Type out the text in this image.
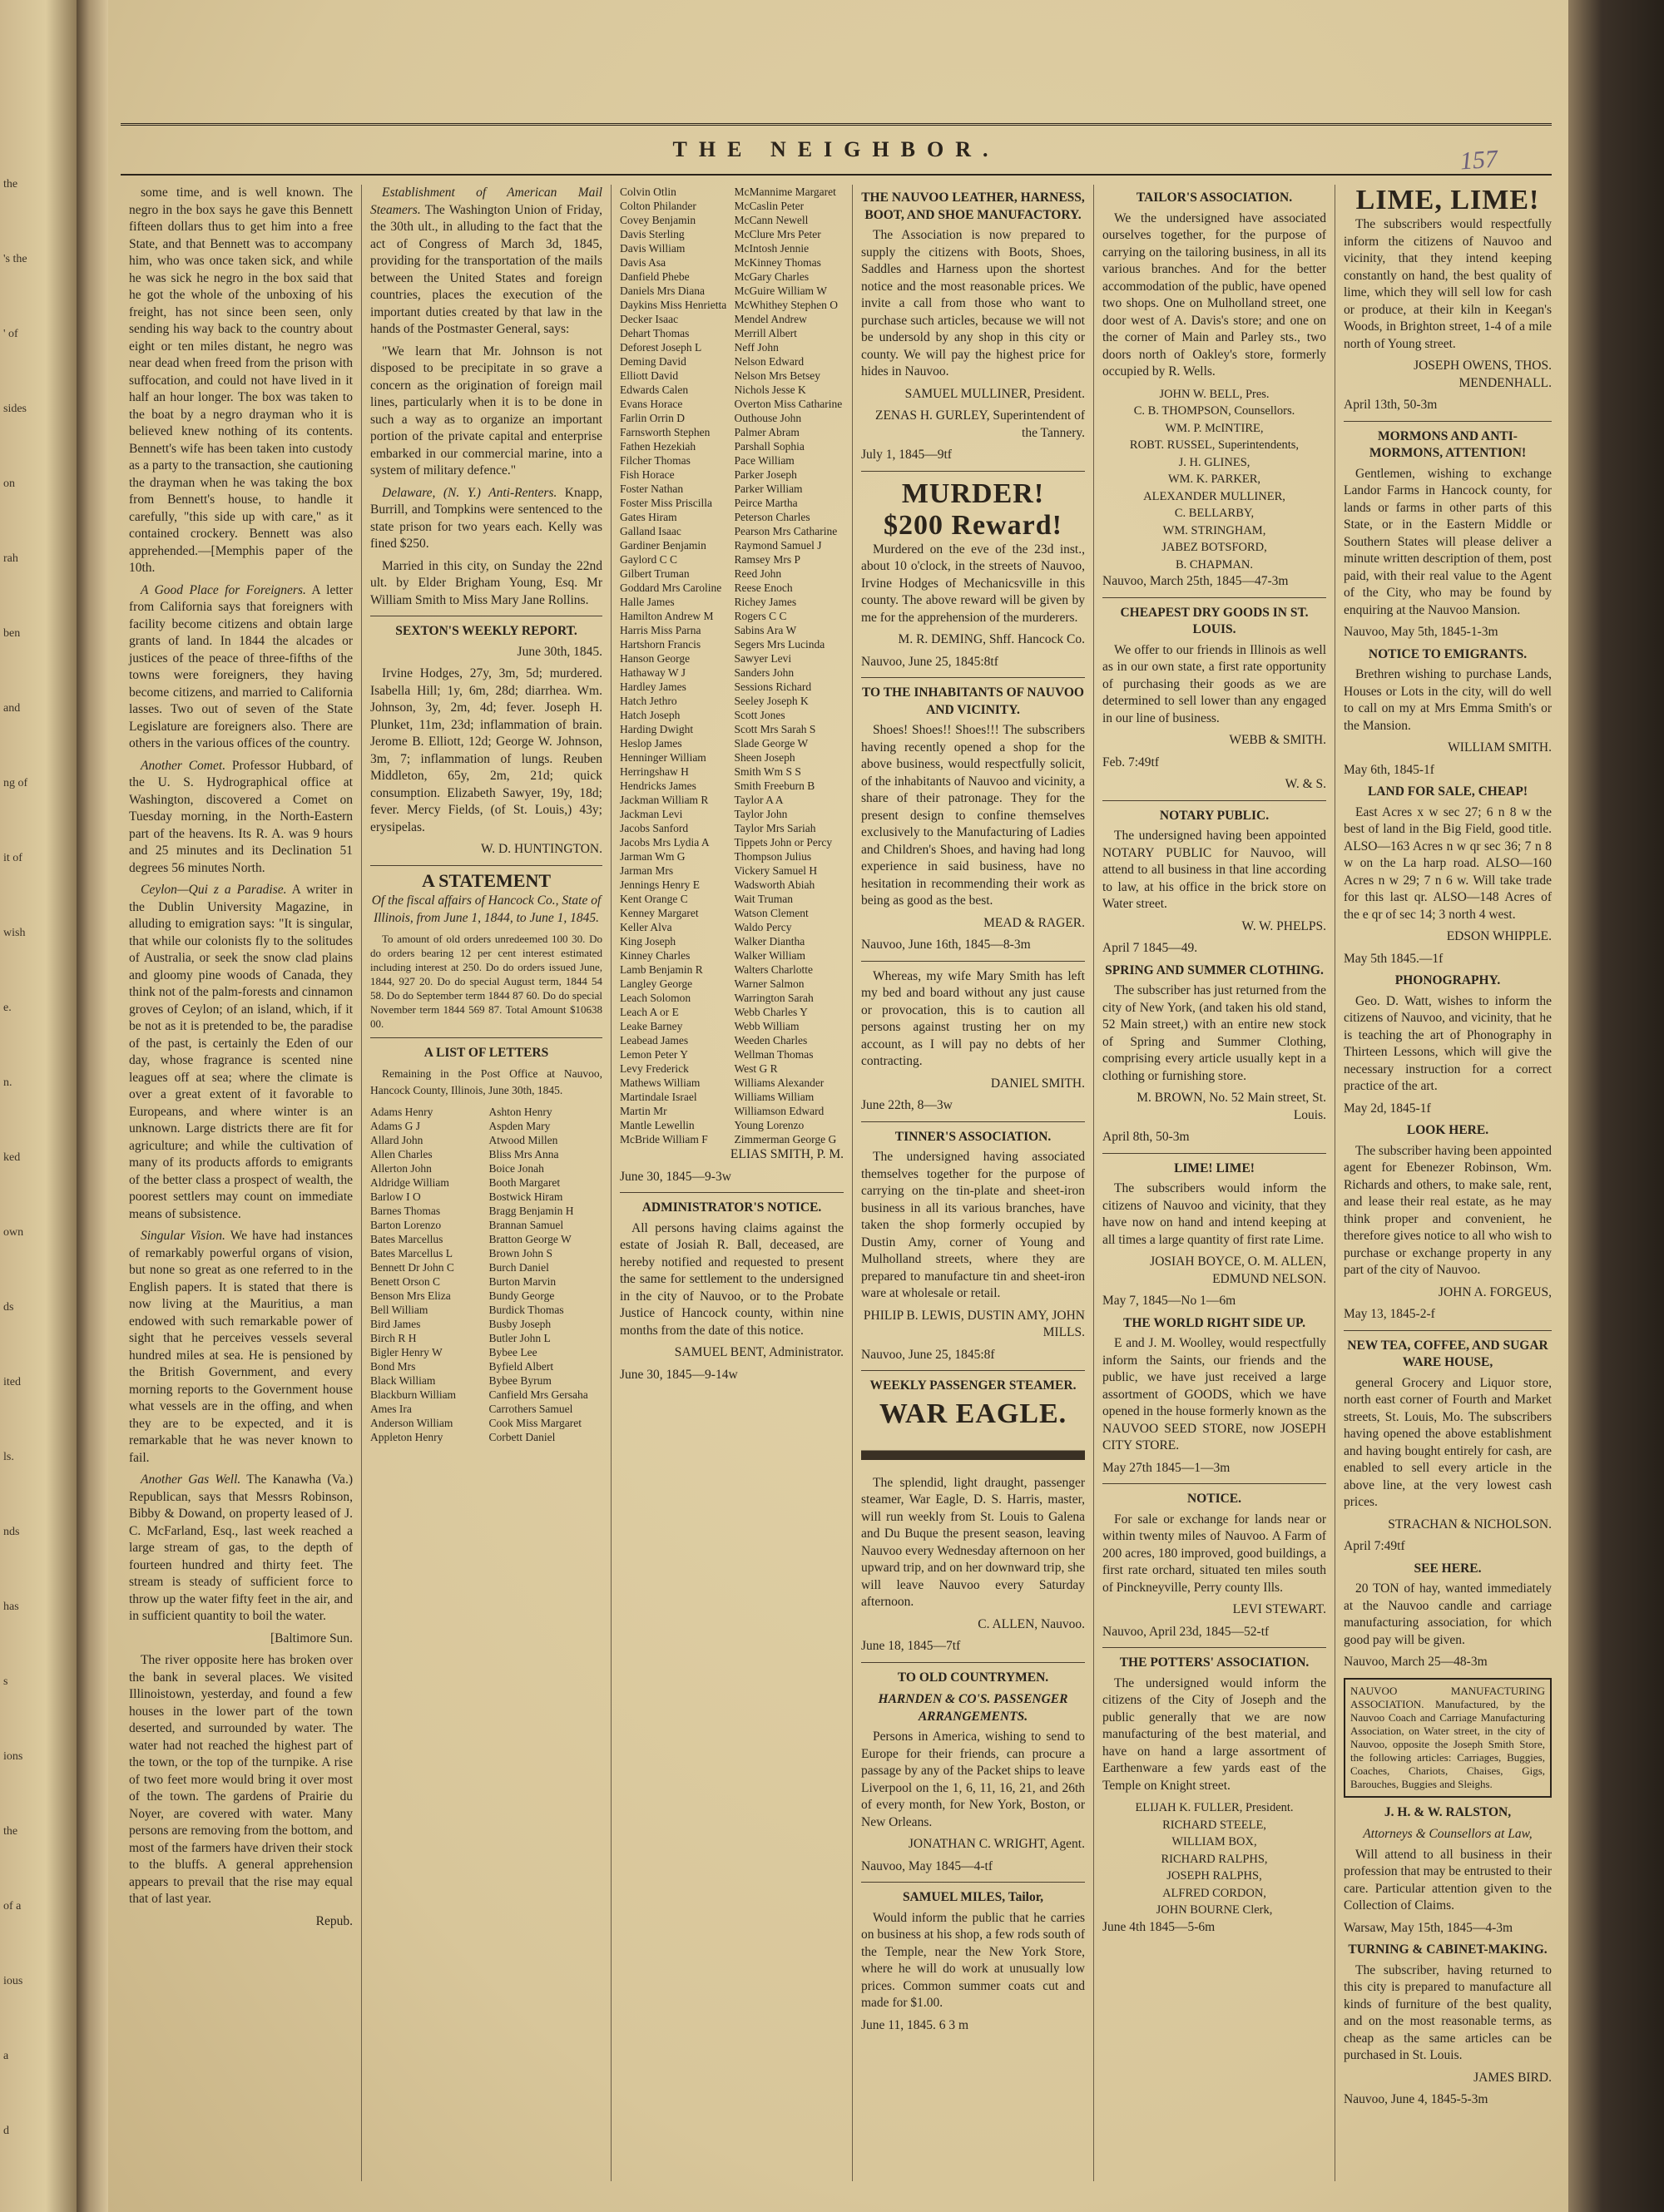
the
's the
' of
sides
on
rah
ben
and
ng of
it of
wish
e.
n.
ked
own
ds
ited
ls.
nds
has
s
ions
the
of a
ious
a
d
157
THE NEIGHBOR.

some time, and is well known. The negro in the box says he gave this Bennett fifteen dollars thus to get him into a free State, and that Bennett was to accompany him, who was once taken sick, and while he was sick he negro in the box said that he got the whole of the unboxing of his freight, has not since been seen, only sending his way back to the country about eight or ten miles distant, he negro was near dead when freed from the prison with suffocation, and could not have lived in it half an hour longer. The box was taken to the boat by a negro drayman who it is believed knew nothing of its contents. Bennett's wife has been taken into custody as a party to the transaction, she cautioning the drayman when he was taking the box from Bennett's house, to handle it carefully, "this side up with care," as it contained crockery. Bennett was also apprehended.—[Memphis paper of the 10th.

A Good Place for Foreigners. A letter from California says that foreigners with facility become citizens and obtain large grants of land. In 1844 the alcades or justices of the peace of three-fifths of the towns were foreigners, they having become citizens, and married to California lasses. Two out of seven of the State Legislature are foreigners also. There are others in the various offices of the country.

Another Comet. Professor Hubbard, of the U. S. Hydrographical office at Washington, discovered a Comet on Tuesday morning, in the North-Eastern part of the heavens. Its R. A. was 9 hours and 25 minutes and its Declination 51 degrees 56 minutes North.

Ceylon—Qui z a Paradise. A writer in the Dublin University Magazine, in alluding to emigration says: "It is singular, that while our colonists fly to the solitudes of Australia, or seek the snow clad plains and gloomy pine woods of Canada, they think not of the palm-forests and cinnamon groves of Ceylon; of an island, which, if it be not as it is pretended to be, the paradise of the past, is certainly the Eden of our day, whose fragrance is scented nine leagues off at sea; where the climate is over a great extent of it favorable to Europeans, and where winter is an unknown. Large districts there are fit for agriculture; and while the cultivation of many of its products affords to emigrants of the better class a prospect of wealth, the poorest settlers may count on immediate means of subsistence.

Singular Vision. We have had instances of remarkably powerful organs of vision, but none so great as one referred to in the English papers. It is stated that there is now living at the Mauritius, a man endowed with such remarkable power of sight that he perceives vessels several hundred miles at sea. He is pensioned by the British Government, and every morning reports to the Government house what vessels are in the offing, and when they are to be expected, and it is remarkable that he was never known to fail.

Another Gas Well. The Kanawha (Va.) Republican, says that Messrs Robinson, Bibby & Dowand, on property leased of J. C. McFarland, Esq., last week reached a large stream of gas, to the depth of fourteen hundred and thirty feet. The stream is steady of sufficient force to throw up the water fifty feet in the air, and in sufficient quantity to boil the water.

[Baltimore Sun.

The river opposite here has broken over the bank in several places. We visited Illinoistown, yesterday, and found a few houses in the lower part of the town deserted, and surrounded by water. The water had not reached the highest part of the town, or the top of the turnpike. A rise of two feet more would bring it over most of the town. The gardens of Prairie du Noyer, are covered with water. Many persons are removing from the bottom, and most of the farmers have driven their stock to the bluffs. A general apprehension appears to prevail that the rise may equal that of last year.

Repub.

Establishment of American Mail Steamers. The Washington Union of Friday, the 30th ult., in alluding to the fact that the act of Congress of March 3d, 1845, providing for the transportation of the mails between the United States and foreign countries, places the execution of the important duties created by that law in the hands of the Postmaster General, says:

"We learn that Mr. Johnson is not disposed to be precipitate in so grave a concern as the origination of foreign mail lines, particularly when it is to be done in such a way as to organize an important portion of the private capital and enterprise embarked in our commercial marine, into a system of military defence."

Delaware, (N. Y.) Anti-Renters. Knapp, Burrill, and Tompkins were sentenced to the state prison for two years each. Kelly was fined $250.

Married in this city, on Sunday the 22nd ult. by Elder Brigham Young, Esq. Mr William Smith to Miss Mary Jane Rollins.

SEXTON'S WEEKLY REPORT.

June 30th, 1845.

Irvine Hodges, 27y, 3m, 5d; murdered. Isabella Hill; 1y, 6m, 28d; diarrhea. Wm. Johnson, 3y, 2m, 4d; fever. Joseph H. Plunket, 11m, 23d; inflammation of brain. Jerome B. Elliott, 12d; George W. Johnson, 3m, 7; inflammation of lungs. Reuben Middleton, 65y, 2m, 21d; quick consumption. Elizabeth Sawyer, 19y, 18d; fever. Mercy Fields, (of St. Louis,) 43y; erysipelas.

W. D. HUNTINGTON.

A STATEMENT

Of the fiscal affairs of Hancock Co., State of Illinois, from June 1, 1844, to June 1, 1845.

To amount of old orders unredeemed 100 30. Do do orders bearing 12 per cent interest estimated including interest at 250. Do do orders issued June, 1844, 927 20. Do do special August term, 1844 54 58. Do do September term 1844 87 60. Do do special November term 1844 569 87. Total Amount $10638 00.

A LIST OF LETTERS

Remaining in the Post Office at Nauvoo, Hancock County, Illinois, June 30th, 1845.

Adams Henry
Adams G J
Allard John
Allen Charles
Allerton John
Aldridge William
Barlow I O
Barnes Thomas
Barton Lorenzo
Bates Marcellus
Bates Marcellus L
Bennett Dr John C
Benett Orson C
Benson Mrs Eliza
Bell William
Bird James
Birch R H
Bigler Henry W
Bond Mrs
Black William
Blackburn William
Ames Ira
Anderson William
Appleton Henry
Ashton Henry
Aspden Mary
Atwood Millen
Bliss Mrs Anna
Boice Jonah
Booth Margaret
Bostwick Hiram
Bragg Benjamin H
Brannan Samuel
Bratton George W
Brown John S
Burch Daniel
Burton Marvin
Bundy George
Burdick Thomas
Busby Joseph
Butler John L
Bybee Lee
Byfield Albert
Bybee Byrum
Canfield Mrs Gersaha
Carrothers Samuel
Cook Miss Margaret
Corbett Daniel
Colvin Otlin
Colton Philander
Covey Benjamin
Davis Sterling
Davis William
Davis Asa
Danfield Phebe
Daniels Mrs Diana
Daykins Miss Henrietta
Decker Isaac
Dehart Thomas
Deforest Joseph L
Deming David
Elliott David
Edwards Calen
Evans Horace
Farlin Orrin D
Farnsworth Stephen
Fathen Hezekiah
Filcher Thomas
Fish Horace
Foster Nathan
Foster Miss Priscilla
Gates Hiram
Galland Isaac
Gardiner Benjamin
Gaylord C C
Gilbert Truman
Goddard Mrs Caroline
Halle James
Hamilton Andrew M
Harris Miss Parna
Hartshorn Francis
Hanson George
Hathaway W J
Hardley James
Hatch Jethro
Hatch Joseph
Harding Dwight
Heslop James
Henninger William
Herringshaw H
Hendricks James
Jackman William R
Jackman Levi
Jacobs Sanford
Jacobs Mrs Lydia A
Jarman Wm G
Jarman Mrs
Jennings Henry E
Kent Orange C
Kenney Margaret
Keller Alva
King Joseph
Kinney Charles
Lamb Benjamin R
Langley George
Leach Solomon
Leach A or E
Leake Barney
Leabead James
Lemon Peter Y
Levy Frederick
Mathews William
Martindale Israel
Martin Mr
Mantle Lewellin
McBride William F
McMannime Margaret
McCaslin Peter
McCann Newell
McClure Mrs Peter
McIntosh Jennie
McKinney Thomas
McGary Charles
McGuire William W
McWhithey Stephen O
Mendel Andrew
Merrill Albert
Neff John
Nelson Edward
Nelson Mrs Betsey
Nichols Jesse K
Overton Miss Catharine
Outhouse John
Palmer Abram
Parshall Sophia
Pace William
Parker Joseph
Parker William
Peirce Martha
Peterson Charles
Pearson Mrs Catharine
Raymond Samuel J
Ramsey Mrs P
Reed John
Reese Enoch
Richey James
Rogers C C
Sabins Ara W
Segers Mrs Lucinda
Sawyer Levi
Sanders John
Sessions Richard
Seeley Joseph K
Scott Jones
Scott Mrs Sarah S
Slade George W
Sheen Joseph
Smith Wm S S
Smith Freeburn B
Taylor A A
Taylor John
Taylor Mrs Sariah
Tippets John or Percy
Thompson Julius
Vickery Samuel H
Wadsworth Abiah
Wait Truman
Watson Clement
Waldo Percy
Walker Diantha
Walker William
Walters Charlotte
Warner Salmon
Warrington Sarah
Webb Charles Y
Webb William
Weeden Charles
Wellman Thomas
West G R
Williams Alexander
Williams William
Williamson Edward
Young Lorenzo
Zimmerman George G

ELIAS SMITH, P. M.

June 30, 1845—9-3w

ADMINISTRATOR'S NOTICE.

All persons having claims against the estate of Josiah R. Ball, deceased, are hereby notified and requested to present the same for settlement to the undersigned in the city of Nauvoo, or to the Probate Justice of Hancock county, within nine months from the date of this notice.

SAMUEL BENT, Administrator.

June 30, 1845—9-14w

THE NAUVOO LEATHER, HARNESS, BOOT, AND SHOE MANUFACTORY.

The Association is now prepared to supply the citizens with Boots, Shoes, Saddles and Harness upon the shortest notice and the most reasonable prices. We invite a call from those who want to purchase such articles, because we will not be undersold by any shop in this city or county. We will pay the highest price for hides in Nauvoo.

SAMUEL MULLINER, President.

ZENAS H. GURLEY, Superintendent of the Tannery.

July 1, 1845—9tf

MURDER!
$200 Reward!

Murdered on the eve of the 23d inst., about 10 o'clock, in the streets of Nauvoo, Irvine Hodges of Mechanicsville in this county. The above reward will be given by me for the apprehension of the murderers.

M. R. DEMING, Shff. Hancock Co.

Nauvoo, June 25, 1845:8tf

TO THE INHABITANTS OF NAUVOO AND VICINITY.

Shoes! Shoes!! Shoes!!! The subscribers having recently opened a shop for the above business, would respectfully solicit, of the inhabitants of Nauvoo and vicinity, a share of their patronage. They for the present design to confine themselves exclusively to the Manufacturing of Ladies and Children's Shoes, and having had long experience in said business, have no hesitation in recommending their work as being as good as the best.

MEAD & RAGER.

Nauvoo, June 16th, 1845—8-3m

Whereas, my wife Mary Smith has left my bed and board without any just cause or provocation, this is to caution all persons against trusting her on my account, as I will pay no debts of her contracting.

DANIEL SMITH.

June 22th, 8—3w

TINNER'S ASSOCIATION.

The undersigned having associated themselves together for the purpose of carrying on the tin-plate and sheet-iron business in all its various branches, have taken the shop formerly occupied by Dustin Amy, corner of Young and Mulholland streets, where they are prepared to manufacture tin and sheet-iron ware at wholesale or retail.

PHILIP B. LEWIS, DUSTIN AMY, JOHN MILLS.

Nauvoo, June 25, 1845:8f

WEEKLY PASSENGER STEAMER.
WAR EAGLE.

The splendid, light draught, passenger steamer, War Eagle, D. S. Harris, master, will run weekly from St. Louis to Galena and Du Buque the present season, leaving Nauvoo every Wednesday afternoon on her upward trip, and on her downward trip, she will leave Nauvoo every Saturday afternoon.

C. ALLEN, Nauvoo.

June 18, 1845—7tf

TO OLD COUNTRYMEN.
HARNDEN & CO'S. PASSENGER ARRANGEMENTS.

Persons in America, wishing to send to Europe for their friends, can procure a passage by any of the Packet ships to leave Liverpool on the 1, 6, 11, 16, 21, and 26th of every month, for New York, Boston, or New Orleans.

JONATHAN C. WRIGHT, Agent.

Nauvoo, May 1845—4-tf

SAMUEL MILES, Tailor,

Would inform the public that he carries on business at his shop, a few rods south of the Temple, near the New York Store, where he will do work at unusually low prices. Common summer coats cut and made for $1.00.

June 11, 1845. 6 3 m

TAILOR'S ASSOCIATION.

We the undersigned have associated ourselves together, for the purpose of carrying on the tailoring business, in all its various branches. And for the better accommodation of the public, have opened two shops. One on Mulholland street, one door west of A. Davis's store; and one on the corner of Main and Parley sts., two doors north of Oakley's store, formerly occupied by R. Wells.

JOHN W. BELL, Pres.
C. B. THOMPSON, Counsellors.
WM. P. McINTIRE,
ROBT. RUSSEL, Superintendents,
J. H. GLINES,
WM. K. PARKER,
ALEXANDER MULLINER,
C. BELLARBY,
WM. STRINGHAM,
JABEZ BOTSFORD,
B. CHAPMAN.

Nauvoo, March 25th, 1845—47-3m

CHEAPEST DRY GOODS IN ST. LOUIS.

We offer to our friends in Illinois as well as in our own state, a first rate opportunity of purchasing their goods as we are determined to sell lower than any engaged in our line of business.

WEBB & SMITH.

Feb. 7:49tf

W. & S.

NOTARY PUBLIC.

The undersigned having been appointed NOTARY PUBLIC for Nauvoo, will attend to all business in that line according to law, at his office in the brick store on Water street.

W. W. PHELPS.

April 7 1845—49.

SPRING AND SUMMER CLOTHING.

The subscriber has just returned from the city of New York, (and taken his old stand, 52 Main street,) with an entire new stock of Spring and Summer Clothing, comprising every article usually kept in a clothing or furnishing store.

M. BROWN, No. 52 Main street, St. Louis.

April 8th, 50-3m

LIME! LIME!

The subscribers would inform the citizens of Nauvoo and vicinity, that they have now on hand and intend keeping at all times a large quantity of first rate Lime.

JOSIAH BOYCE, O. M. ALLEN, EDMUND NELSON.

May 7, 1845—No 1—6m

THE WORLD RIGHT SIDE UP.

E and J. M. Woolley, would respectfully inform the Saints, our friends and the public, we have just received a large assortment of GOODS, which we have opened in the house formerly known as the NAUVOO SEED STORE, now JOSEPH CITY STORE.

May 27th 1845—1—3m

NOTICE.

For sale or exchange for lands near or within twenty miles of Nauvoo. A Farm of 200 acres, 180 improved, good buildings, a first rate orchard, situated ten miles south of Pinckneyville, Perry county Ills.

LEVI STEWART.

Nauvoo, April 23d, 1845—52-tf

THE POTTERS' ASSOCIATION.

The undersigned would inform the citizens of the City of Joseph and the public generally that we are now manufacturing of the best material, and have on hand a large assortment of Earthenware a few yards east of the Temple on Knight street.

ELIJAH K. FULLER, President.
RICHARD STEELE,
WILLIAM BOX,
RICHARD RALPHS,
JOSEPH RALPHS,
ALFRED CORDON,
JOHN BOURNE Clerk,

June 4th 1845—5-6m

LIME, LIME!

The subscribers would respectfully inform the citizens of Nauvoo and vicinity, that they intend keeping constantly on hand, the best quality of lime, which they will sell low for cash or produce, at their kiln in Keegan's Woods, in Brighton street, 1-4 of a mile north of Young street.

JOSEPH OWENS, THOS. MENDENHALL.

April 13th, 50-3m

MORMONS AND ANTI-MORMONS, ATTENTION!

Gentlemen, wishing to exchange Landor Farms in Hancock county, for lands or farms in other parts of this State, or in the Eastern Middle or Southern States will please deliver a minute written description of them, post paid, with their real value to the Agent of the City, who may be found by enquiring at the Nauvoo Mansion.

Nauvoo, May 5th, 1845-1-3m

NOTICE TO EMIGRANTS.

Brethren wishing to purchase Lands, Houses or Lots in the city, will do well to call on my at Mrs Emma Smith's or the Mansion.

WILLIAM SMITH.

May 6th, 1845-1f

LAND FOR SALE, CHEAP!

East Acres x w sec 27; 6 n 8 w the best of land in the Big Field, good title. ALSO—163 Acres n w qr sec 36; 7 n 8 w on the La harp road. ALSO—160 Acres n w 29; 7 n 6 w. Will take trade for this last qr. ALSO—148 Acres of the e qr of sec 14; 3 north 4 west.

EDSON WHIPPLE.

May 5th 1845.—1f

PHONOGRAPHY.

Geo. D. Watt, wishes to inform the citizens of Nauvoo, and vicinity, that he is teaching the art of Phonography in Thirteen Lessons, which will give the necessary instruction for a correct practice of the art.

May 2d, 1845-1f

LOOK HERE.

The subscriber having been appointed agent for Ebenezer Robinson, Wm. Richards and others, to make sale, rent, and lease their real estate, as he may think proper and convenient, he therefore gives notice to all who wish to purchase or exchange property in any part of the city of Nauvoo.

JOHN A. FORGEUS,

May 13, 1845-2-f

NEW TEA, COFFEE, AND SUGAR WARE HOUSE,

general Grocery and Liquor store, north east corner of Fourth and Market streets, St. Louis, Mo. The subscribers having opened the above establishment and having bought entirely for cash, are enabled to sell every article in the above line, at the very lowest cash prices.

STRACHAN & NICHOLSON.

April 7:49tf

SEE HERE.

20 TON of hay, wanted immediately at the Nauvoo candle and carriage manufacturing association, for which good pay will be given.

Nauvoo, March 25—48-3m

NAUVOO MANUFACTURING ASSOCIATION. Manufactured, by the Nauvoo Coach and Carriage Manufacturing Association, on Water street, in the city of Nauvoo, opposite the Joseph Smith Store, the following articles: Carriages, Buggies, Coaches, Chariots, Chaises, Gigs, Barouches, Buggies and Sleighs.
J. H. & W. RALSTON,
Attorneys & Counsellors at Law,

Will attend to all business in their profession that may be entrusted to their care. Particular attention given to the Collection of Claims.

Warsaw, May 15th, 1845—4-3m

TURNING & CABINET-MAKING.

The subscriber, having returned to this city is prepared to manufacture all kinds of furniture of the best quality, and on the most reasonable terms, as cheap as the same articles can be purchased in St. Louis.

JAMES BIRD.

Nauvoo, June 4, 1845-5-3m
